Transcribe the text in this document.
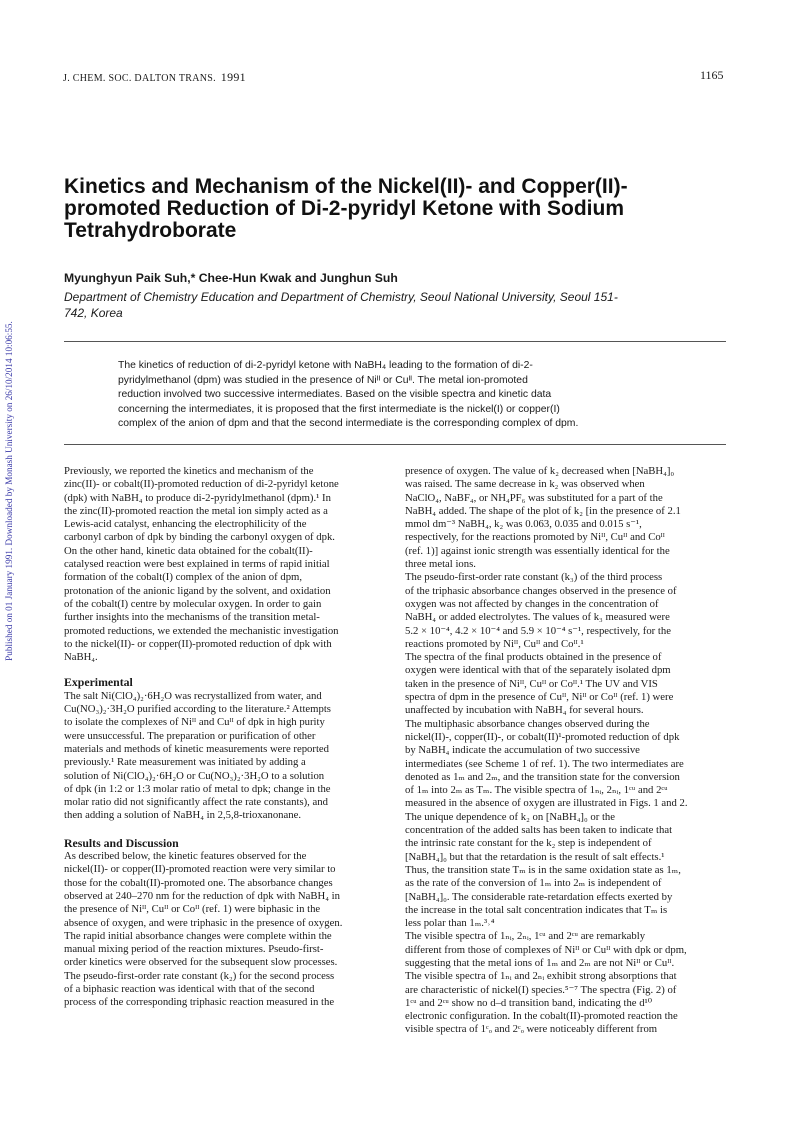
J. CHEM. SOC. DALTON TRANS. 1991	1165
Published on 01 January 1991. Downloaded by Monash University on 26/10/2014 10:06:55.
Kinetics and Mechanism of the Nickel(II)- and Copper(II)-
promoted Reduction of Di-2-pyridyl Ketone with Sodium
Tetrahydroborate
Myunghyun Paik Suh,* Chee-Hun Kwak and Junghun Suh
Department of Chemistry Education and Department of Chemistry, Seoul National University, Seoul 151-
742, Korea
The kinetics of reduction of di-2-pyridyl ketone with NaBH₄ leading to the formation of di-2-
pyridylmethanol (dpm) was studied in the presence of Niᴵᴵ or Cuᴵᴵ. The metal ion-promoted
reduction involved two successive intermediates. Based on the visible spectra and kinetic data
concerning the intermediates, it is proposed that the first intermediate is the nickel(I) or copper(I)
complex of the anion of dpm and that the second intermediate is the corresponding complex of dpm.
Previously, we reported the kinetics and mechanism of the
zinc(II)- or cobalt(II)-promoted reduction of di-2-pyridyl ketone
(dpk) with NaBH₄ to produce di-2-pyridylmethanol (dpm).¹ In
the zinc(II)-promoted reaction the metal ion simply acted as a
Lewis-acid catalyst, enhancing the electrophilicity of the
carbonyl carbon of dpk by binding the carbonyl oxygen of dpk.
On the other hand, kinetic data obtained for the cobalt(II)-
catalysed reaction were best explained in terms of rapid initial
formation of the cobalt(I) complex of the anion of dpm,
protonation of the anionic ligand by the solvent, and oxidation
of the cobalt(I) centre by molecular oxygen. In order to gain
further insights into the mechanisms of the transition metal-
promoted reductions, we extended the mechanistic investigation
to the nickel(II)- or copper(II)-promoted reduction of dpk with
NaBH₄.
Experimental
The salt Ni(ClO₄)₂·6H₂O was recrystallized from water, and
Cu(NO₃)₂·3H₂O purified according to the literature.² Attempts
to isolate the complexes of Niᴵᴵ and Cuᴵᴵ of dpk in high purity
were unsuccessful. The preparation or purification of other
materials and methods of kinetic measurements were reported
previously.¹ Rate measurement was initiated by adding a
solution of Ni(ClO₄)₂·6H₂O or Cu(NO₃)₂·3H₂O to a solution
of dpk (in 1:2 or 1:3 molar ratio of metal to dpk; change in the
molar ratio did not significantly affect the rate constants), and
then adding a solution of NaBH₄ in 2,5,8-trioxanonane.
Results and Discussion
As described below, the kinetic features observed for the
nickel(II)- or copper(II)-promoted reaction were very similar to
those for the cobalt(II)-promoted one. The absorbance changes
observed at 240–270 nm for the reduction of dpk with NaBH₄ in
the presence of Niᴵᴵ, Cuᴵᴵ or Coᴵᴵ (ref. 1) were biphasic in the
absence of oxygen, and were triphasic in the presence of oxygen.
The rapid initial absorbance changes were complete within the
manual mixing period of the reaction mixtures. Pseudo-first-
order kinetics were observed for the subsequent slow processes.
The pseudo-first-order rate constant (k₂) for the second process
of a biphasic reaction was identical with that of the second
process of the corresponding triphasic reaction measured in the
presence of oxygen. The value of k₂ decreased when [NaBH₄]₀
was raised. The same decrease in k₂ was observed when
NaClO₄, NaBF₄, or NH₄PF₆ was substituted for a part of the
NaBH₄ added. The shape of the plot of k₂ [in the presence of 2.1
mmol dm⁻³ NaBH₄, k₂ was 0.063, 0.035 and 0.015 s⁻¹,
respectively, for the reactions promoted by Niᴵᴵ, Cuᴵᴵ and Coᴵᴵ
(ref. 1)] against ionic strength was essentially identical for the
three metal ions.
The pseudo-first-order rate constant (k₃) of the third process
of the triphasic absorbance changes observed in the presence of
oxygen was not affected by changes in the concentration of
NaBH₄ or added electrolytes. The values of k₃ measured were
5.2 × 10⁻⁴, 4.2 × 10⁻⁴ and 5.9 × 10⁻⁴ s⁻¹, respectively, for the
reactions promoted by Niᴵᴵ, Cuᴵᴵ and Coᴵᴵ.¹
The spectra of the final products obtained in the presence of
oxygen were identical with that of the separately isolated dpm
taken in the presence of Niᴵᴵ, Cuᴵᴵ or Coᴵᴵ.¹ The UV and VIS
spectra of dpm in the presence of Cuᴵᴵ, Niᴵᴵ or Coᴵᴵ (ref. 1) were
unaffected by incubation with NaBH₄ for several hours.
The multiphasic absorbance changes observed during the
nickel(II)-, copper(II)-, or cobalt(II)¹-promoted reduction of dpk
by NaBH₄ indicate the accumulation of two successive
intermediates (see Scheme 1 of ref. 1). The two intermediates are
denoted as 1ₘ and 2ₘ, and the transition state for the conversion
of 1ₘ into 2ₘ as Tₘ. The visible spectra of 1ₙᵢ, 2ₙᵢ, 1ᶜᵘ and 2ᶜᵘ
measured in the absence of oxygen are illustrated in Figs. 1 and 2.
The unique dependence of k₂ on [NaBH₄]₀ or the
concentration of the added salts has been taken to indicate that
the intrinsic rate constant for the k₂ step is independent of
[NaBH₄]₀ but that the retardation is the result of salt effects.¹
Thus, the transition state Tₘ is in the same oxidation state as 1ₘ,
as the rate of the conversion of 1ₘ into 2ₘ is independent of
[NaBH₄]₀. The considerable rate-retardation effects exerted by
the increase in the total salt concentration indicates that Tₘ is
less polar than 1ₘ.³˒⁴
The visible spectra of 1ₙᵢ, 2ₙᵢ, 1ᶜᵘ and 2ᶜᵘ are remarkably
different from those of complexes of Niᴵᴵ or Cuᴵᴵ with dpk or dpm,
suggesting that the metal ions of 1ₘ and 2ₘ are not Niᴵᴵ or Cuᴵᴵ.
The visible spectra of 1ₙᵢ and 2ₙᵢ exhibit strong absorptions that
are characteristic of nickel(I) species.⁵⁻⁷ The spectra (Fig. 2) of
1ᶜᵘ and 2ᶜᵘ show no d–d transition band, indicating the d¹⁰
electronic configuration. In the cobalt(II)-promoted reaction the
visible spectra of 1ᶜₒ and 2ᶜₒ were noticeably different from
